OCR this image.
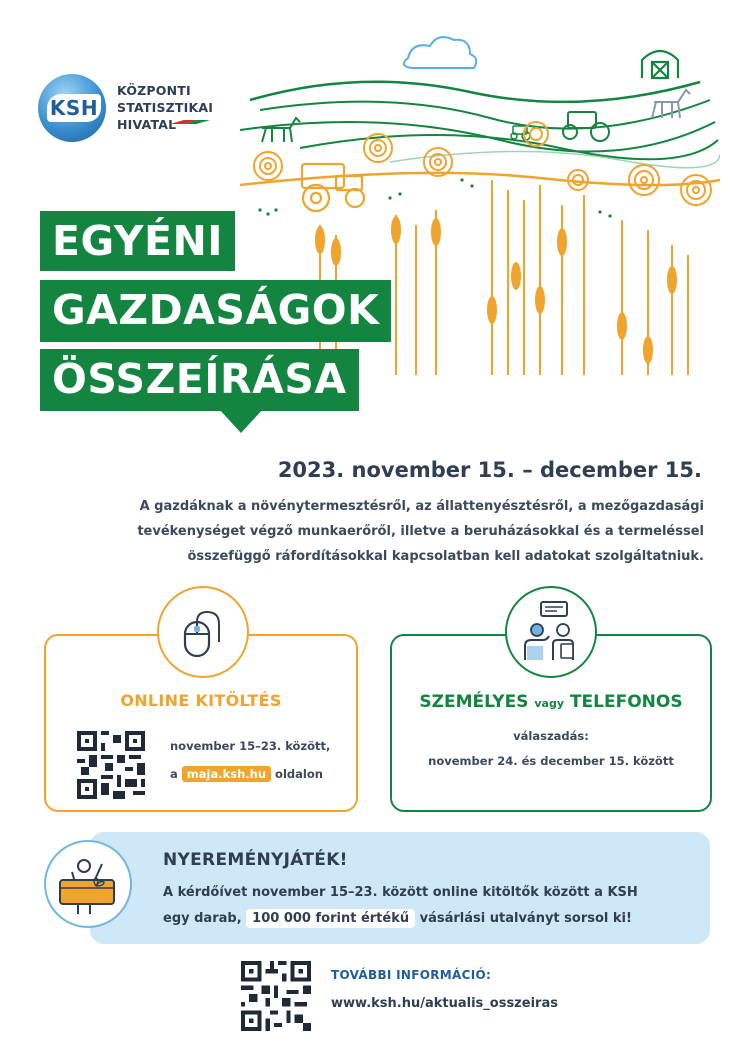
KSH
KÖZPONTI
STATISZTIKAI
HIVATAL
EGYÉNI
GAZDASÁGOK
ÖSSZEÍRÁSA
2023. november 15. – december 15.
A gazdáknak a növénytermesztésről, az állattenyésztésről, a mezőgazdasági
tevékenységet végző munkaerőről, illetve a beruházásokkal és a termeléssel
összefüggő ráfordításokkal kapcsolatban kell adatokat szolgáltatniuk.
ONLINE KITÖLTÉS
november 15–23. között,
a maja.ksh.hu oldalon
SZEMÉLYES vagy TELEFONOS
válaszadás:
november 24. és december 15. között
NYEREMÉNYJÁTÉK!
A kérdőívet november 15–23. között online kitöltők között a KSH
egy darab, 100 000 forint értékű vásárlási utalványt sorsol ki!
TOVÁBBI INFORMÁCIÓ:
www.ksh.hu/aktualis_osszeiras
